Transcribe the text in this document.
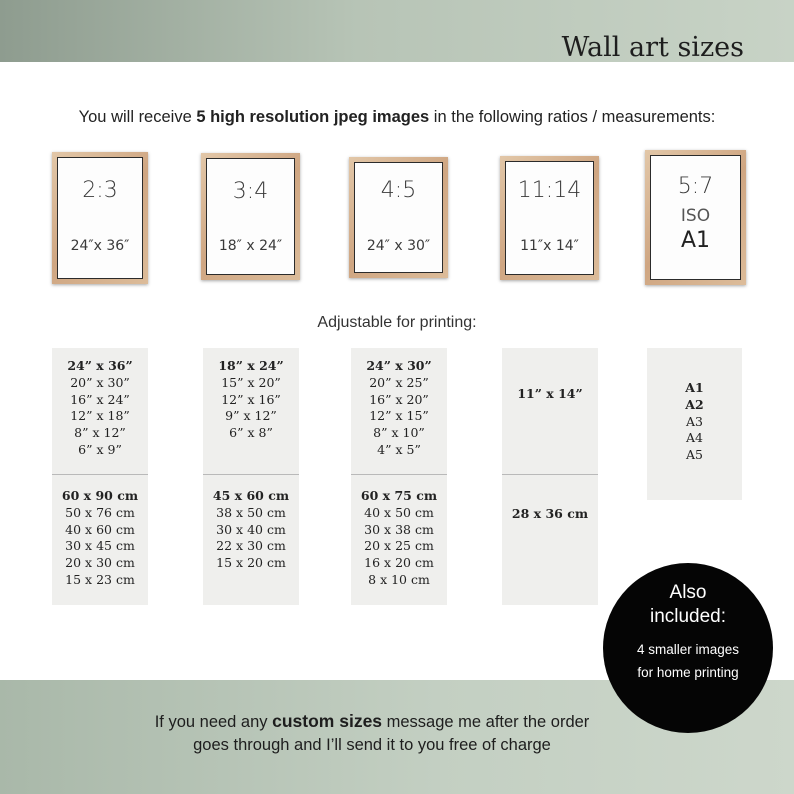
Wall art sizes
You will receive 5 high resolution jpeg images in the following ratios / measurements:
2:3
24″x 36″
3:4
18″ x 24″
4:5
24″ x 30″
11:14
11″x 14″
5:7
ISO
A1
Adjustable for printing:
24” x 36”
20” x 30”
16” x 24”
12” x 18”
8” x 12”
6” x 9”
60 x 90 cm
50 x 76 cm
40 x 60 cm
30 x 45 cm
20 x 30 cm
15 x 23 cm
18” x 24”
15” x 20”
12” x 16”
9” x 12”
6” x 8”
45 x 60 cm
38 x 50 cm
30 x 40 cm
22 x 30 cm
15 x 20 cm
24” x 30”
20” x 25”
16” x 20”
12” x 15”
8” x 10”
4” x 5”
60 x 75 cm
40 x 50 cm
30 x 38 cm
20 x 25 cm
16 x 20 cm
8 x 10 cm
11” x 14”
28 x 36 cm
A1
A2
A3
A4
A5
If you need any custom sizes message me after the order
goes through and I’ll send it to you free of charge
Also
included:
4 smaller images
for home printing
